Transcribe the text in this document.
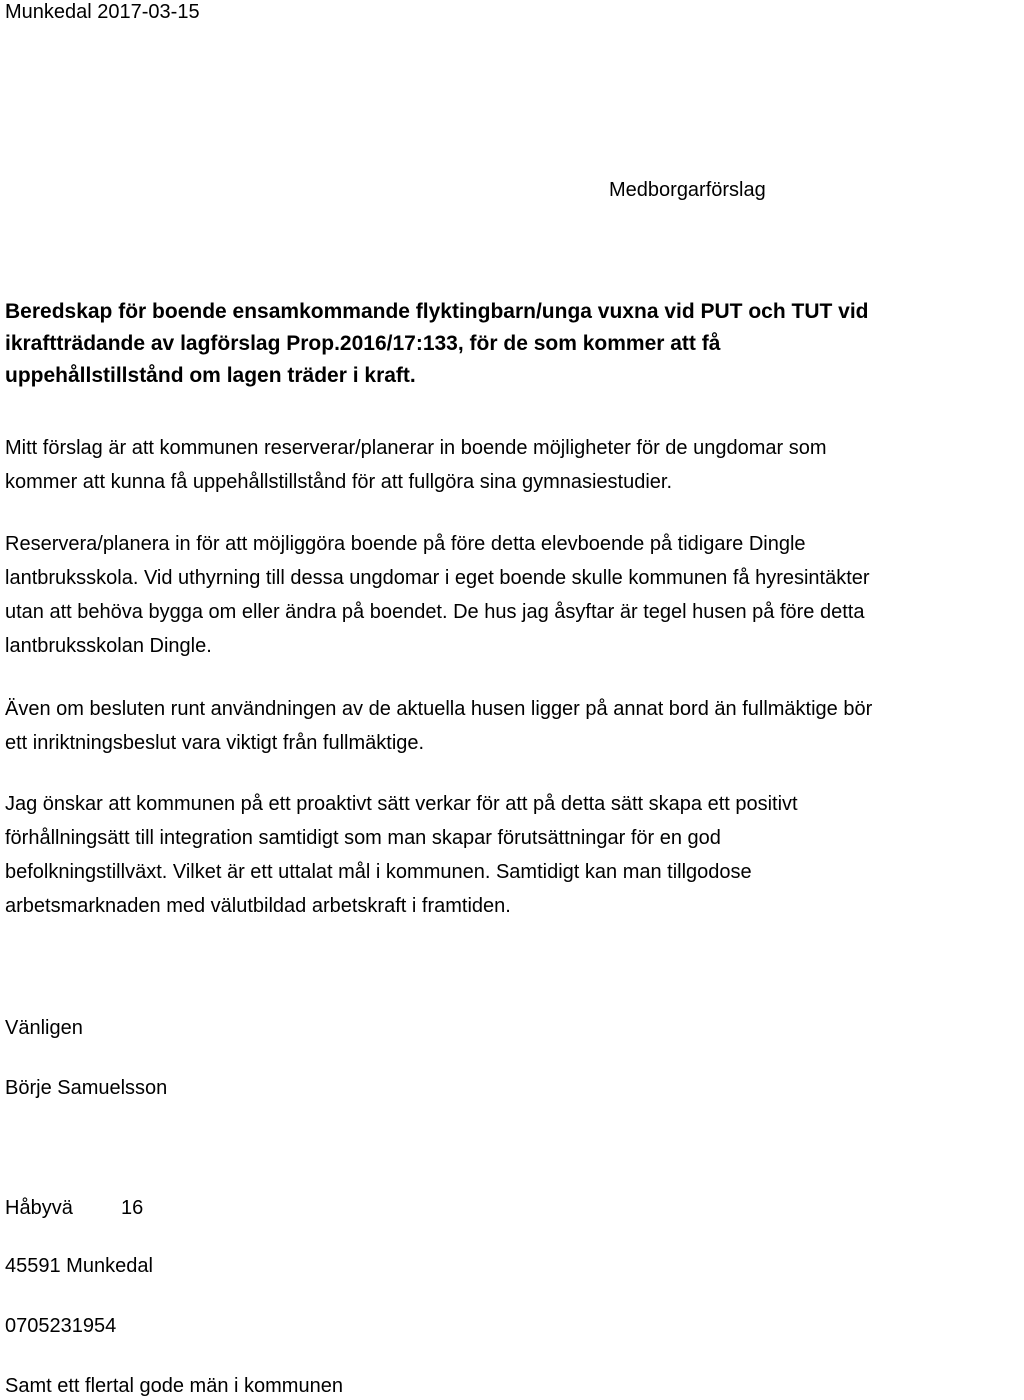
Munkedal 2017-03-15
Medborgarförslag
Beredskap för boende ensamkommande flyktingbarn/unga vuxna vid PUT och TUT vid
ikraftträdande av lagförslag Prop.2016/17:133, för de som kommer att få
uppehållstillstånd om lagen träder i kraft.
Mitt förslag är att kommunen reserverar/planerar in boende möjligheter för de ungdomar som
kommer att kunna få uppehållstillstånd för att fullgöra sina gymnasiestudier.
Reservera/planera in för att möjliggöra boende på före detta elevboende på tidigare Dingle
lantbruksskola. Vid uthyrning till dessa ungdomar i eget boende skulle kommunen få hyresintäkter
utan att behöva bygga om eller ändra på boendet. De hus jag åsyftar är tegel husen på före detta
lantbruksskolan Dingle.
Även om besluten runt användningen av de aktuella husen ligger på annat bord än fullmäktige bör
ett inriktningsbeslut vara viktigt från fullmäktige.
Jag önskar att kommunen på ett proaktivt sätt verkar för att på detta sätt skapa ett positivt
förhållningsätt till integration samtidigt som man skapar förutsättningar för en god
befolkningstillväxt. Vilket är ett uttalat mål i kommunen. Samtidigt kan man tillgodose
arbetsmarknaden med välutbildad arbetskraft i framtiden.
Vänligen
Börje Samuelsson
Håbyvä 16
45591 Munkedal
0705231954
Samt ett flertal gode män i kommunen
